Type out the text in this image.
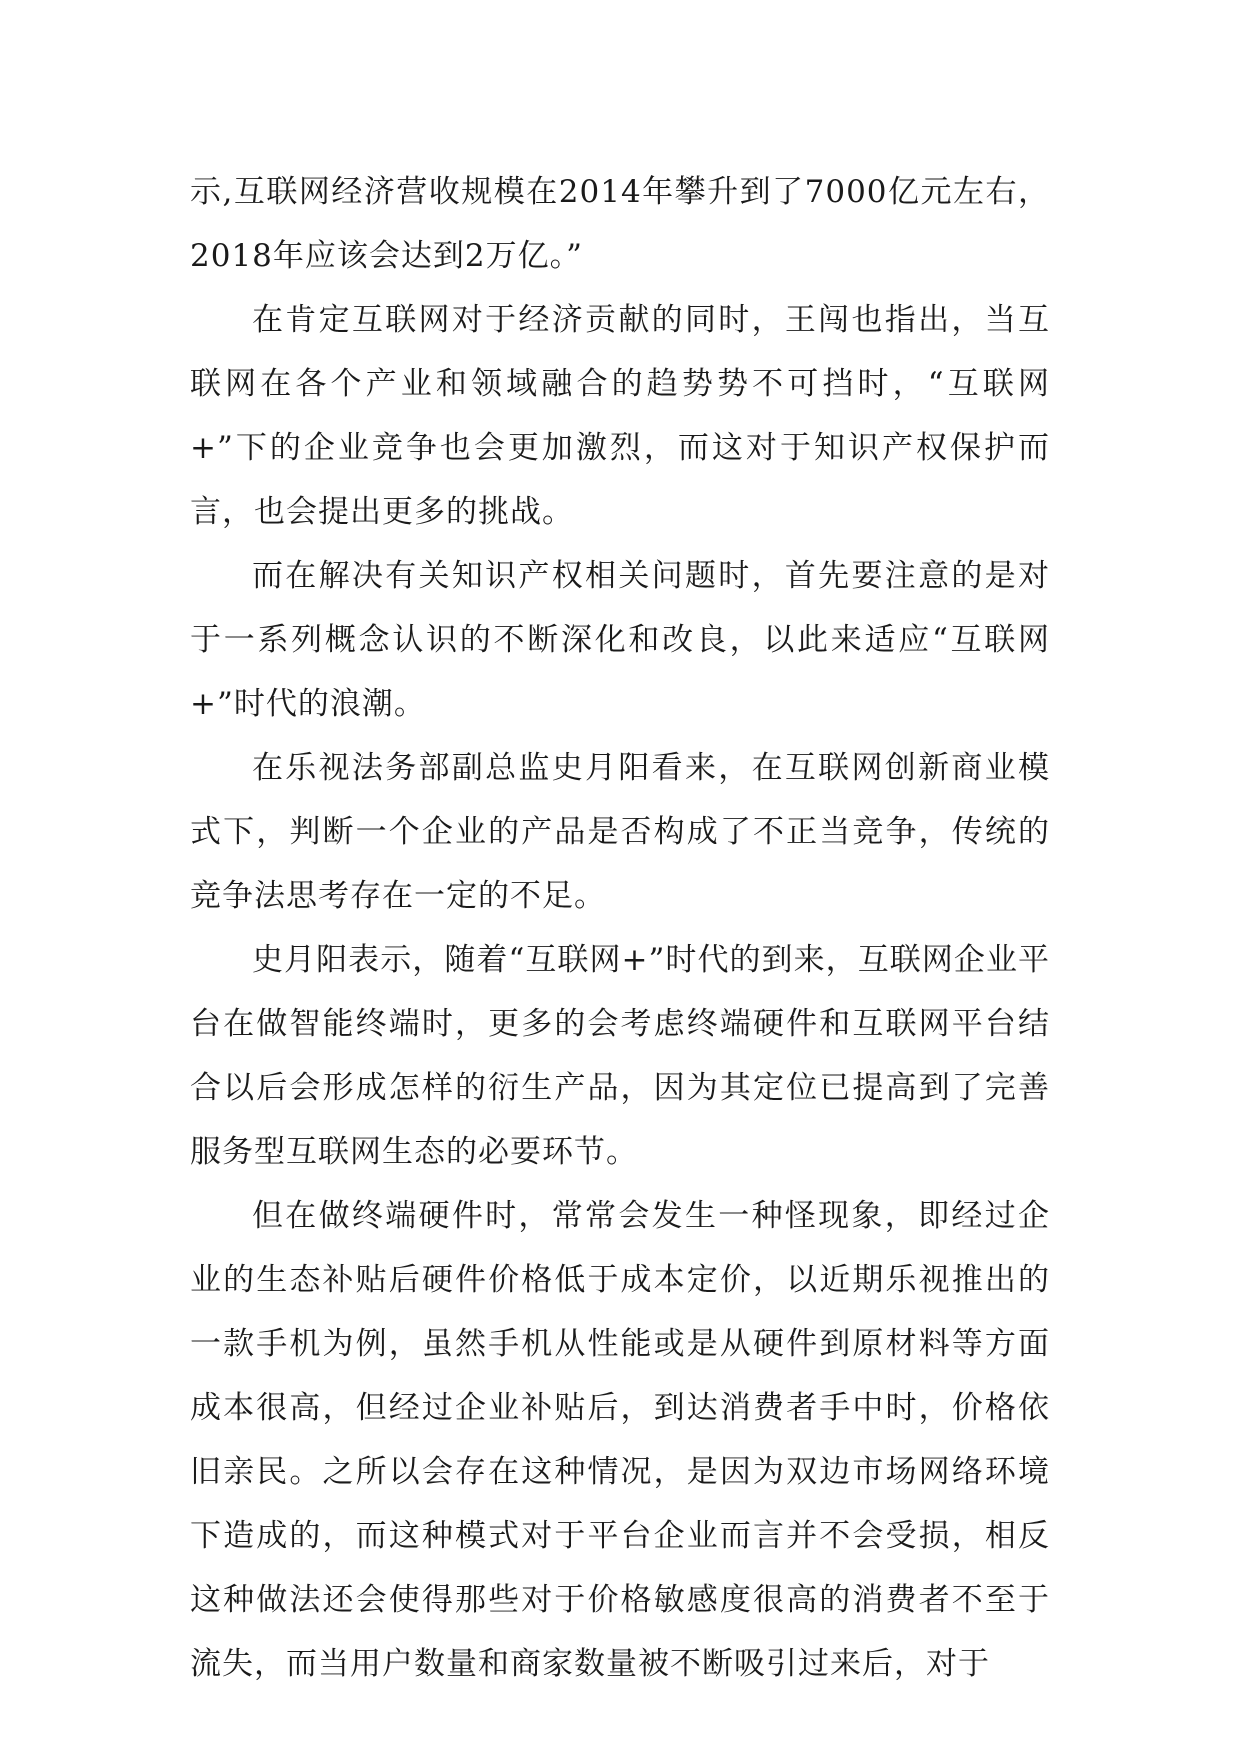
示,互联网经济营收规模在2014年攀升到了7000亿元左右，2018年应该会达到2万亿。”

在肯定互联网对于经济贡献的同时，王闯也指出，当互联网在各个产业和领域融合的趋势势不可挡时，“互联网+”下的企业竞争也会更加激烈，而这对于知识产权保护而言，也会提出更多的挑战。

而在解决有关知识产权相关问题时，首先要注意的是对于一系列概念认识的不断深化和改良，以此来适应“互联网+”时代的浪潮。

在乐视法务部副总监史月阳看来，在互联网创新商业模式下，判断一个企业的产品是否构成了不正当竞争，传统的竞争法思考存在一定的不足。

史月阳表示，随着“互联网+”时代的到来，互联网企业平台在做智能终端时，更多的会考虑终端硬件和互联网平台结合以后会形成怎样的衍生产品，因为其定位已提高到了完善服务型互联网生态的必要环节。

但在做终端硬件时，常常会发生一种怪现象，即经过企业的生态补贴后硬件价格低于成本定价，以近期乐视推出的一款手机为例，虽然手机从性能或是从硬件到原材料等方面成本很高，但经过企业补贴后，到达消费者手中时，价格依旧亲民。之所以会存在这种情况，是因为双边市场网络环境下造成的，而这种模式对于平台企业而言并不会受损，相反这种做法还会使得那些对于价格敏感度很高的消费者不至于流失，而当用户数量和商家数量被不断吸引过来后，对于
